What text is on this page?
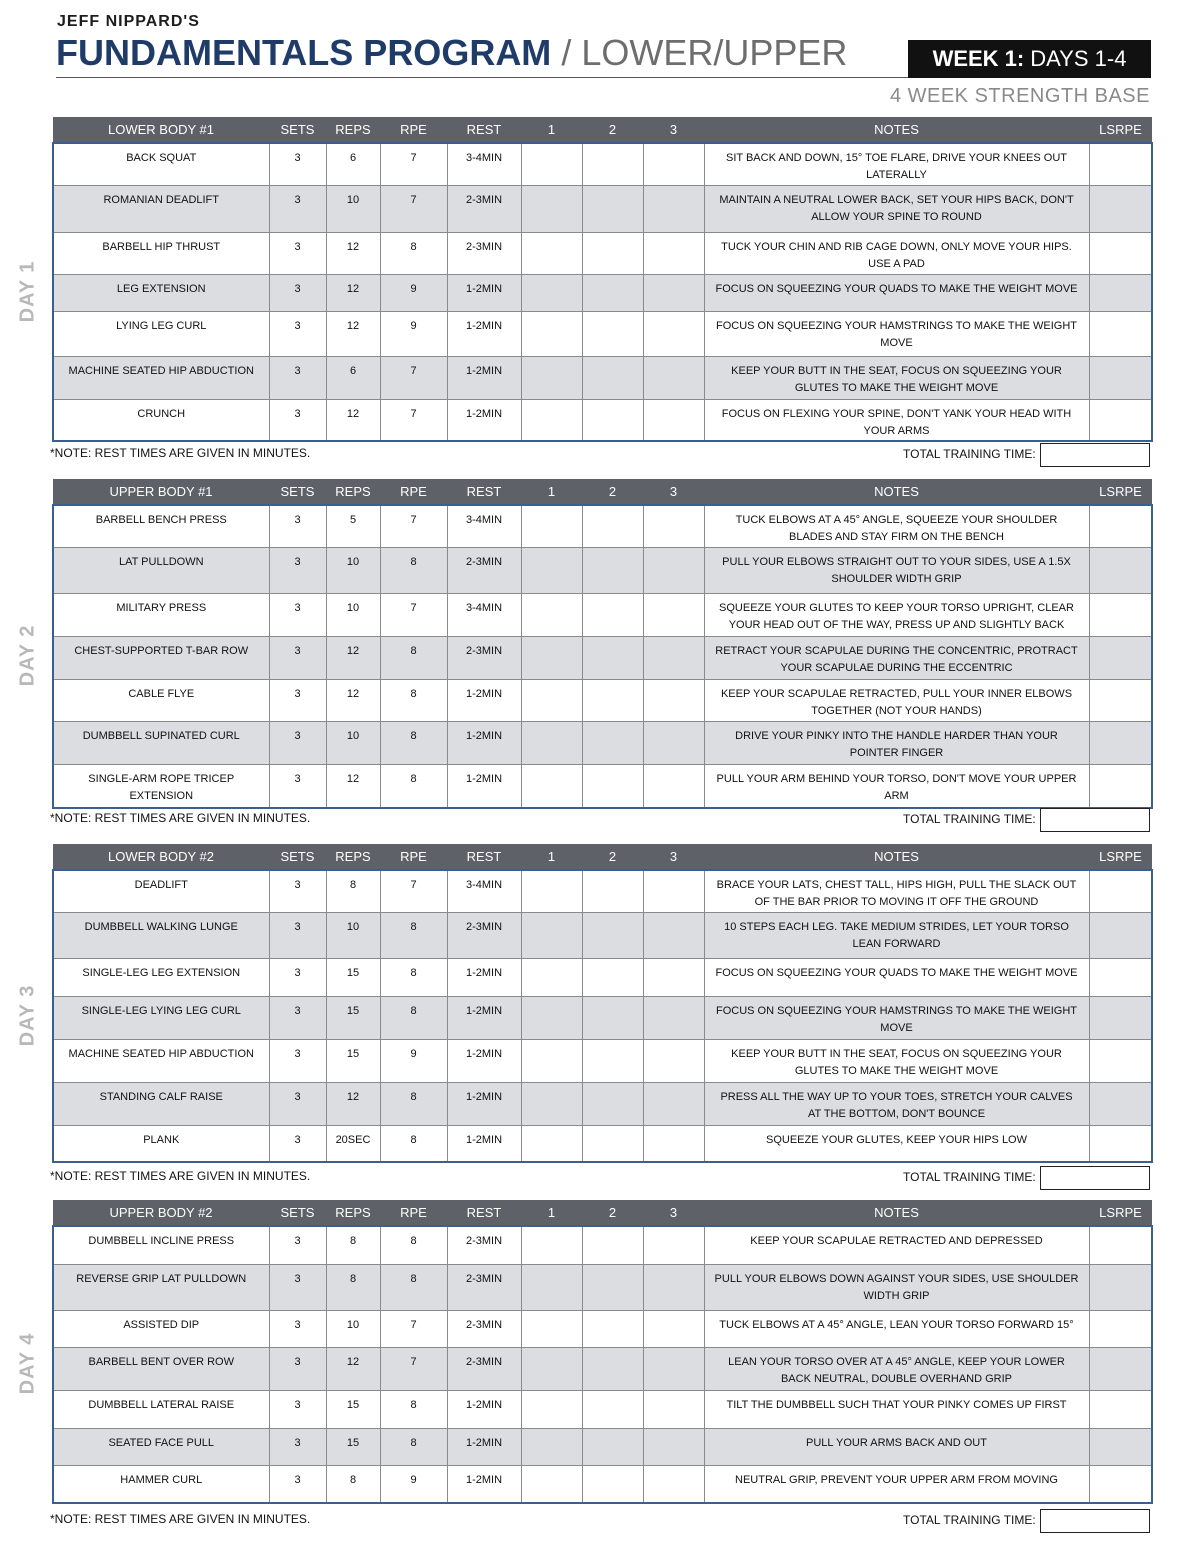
JEFF NIPPARD'S
FUNDAMENTALS PROGRAM / LOWER/UPPER	WEEK 1: DAYS 1-4
4 WEEK STRENGTH BASE
DAY 1
DAY 2
DAY 3
DAY 4
LOWER BODY #1	SETS	REPS	RPE	REST	1	2	3	NOTES	LSRPE
BACK SQUAT	3	6	7	3-4MIN				SIT BACK AND DOWN, 15° TOE FLARE, DRIVE YOUR KNEES OUT LATERALLY	
ROMANIAN DEADLIFT	3	10	7	2-3MIN				MAINTAIN A NEUTRAL LOWER BACK, SET YOUR HIPS BACK, DON'T ALLOW YOUR SPINE TO ROUND	
BARBELL HIP THRUST	3	12	8	2-3MIN				TUCK YOUR CHIN AND RIB CAGE DOWN, ONLY MOVE YOUR HIPS. USE A PAD	
LEG EXTENSION	3	12	9	1-2MIN				FOCUS ON SQUEEZING YOUR QUADS TO MAKE THE WEIGHT MOVE	
LYING LEG CURL	3	12	9	1-2MIN				FOCUS ON SQUEEZING YOUR HAMSTRINGS TO MAKE THE WEIGHT MOVE	
MACHINE SEATED HIP ABDUCTION	3	6	7	1-2MIN				KEEP YOUR BUTT IN THE SEAT, FOCUS ON SQUEEZING YOUR GLUTES TO MAKE THE WEIGHT MOVE	
CRUNCH	3	12	7	1-2MIN				FOCUS ON FLEXING YOUR SPINE, DON'T YANK YOUR HEAD WITH YOUR ARMS	
*NOTE: REST TIMES ARE GIVEN IN MINUTES.	TOTAL TRAINING TIME:
UPPER BODY #1	SETS	REPS	RPE	REST	1	2	3	NOTES	LSRPE
BARBELL BENCH PRESS	3	5	7	3-4MIN				TUCK ELBOWS AT A 45° ANGLE, SQUEEZE YOUR SHOULDER BLADES AND STAY FIRM ON THE BENCH	
LAT PULLDOWN	3	10	8	2-3MIN				PULL YOUR ELBOWS STRAIGHT OUT TO YOUR SIDES, USE A 1.5X SHOULDER WIDTH GRIP	
MILITARY PRESS	3	10	7	3-4MIN				SQUEEZE YOUR GLUTES TO KEEP YOUR TORSO UPRIGHT, CLEAR YOUR HEAD OUT OF THE WAY, PRESS UP AND SLIGHTLY BACK	
CHEST-SUPPORTED T-BAR ROW	3	12	8	2-3MIN				RETRACT YOUR SCAPULAE DURING THE CONCENTRIC, PROTRACT YOUR SCAPULAE DURING THE ECCENTRIC	
CABLE FLYE	3	12	8	1-2MIN				KEEP YOUR SCAPULAE RETRACTED, PULL YOUR INNER ELBOWS TOGETHER (NOT YOUR HANDS)	
DUMBBELL SUPINATED CURL	3	10	8	1-2MIN				DRIVE YOUR PINKY INTO THE HANDLE HARDER THAN YOUR POINTER FINGER	
SINGLE-ARM ROPE TRICEP EXTENSION	3	12	8	1-2MIN				PULL YOUR ARM BEHIND YOUR TORSO, DON'T MOVE YOUR UPPER ARM	
*NOTE: REST TIMES ARE GIVEN IN MINUTES.	TOTAL TRAINING TIME:
LOWER BODY #2	SETS	REPS	RPE	REST	1	2	3	NOTES	LSRPE
DEADLIFT	3	8	7	3-4MIN				BRACE YOUR LATS, CHEST TALL, HIPS HIGH, PULL THE SLACK OUT OF THE BAR PRIOR TO MOVING IT OFF THE GROUND	
DUMBBELL WALKING LUNGE	3	10	8	2-3MIN				10 STEPS EACH LEG. TAKE MEDIUM STRIDES, LET YOUR TORSO LEAN FORWARD	
SINGLE-LEG LEG EXTENSION	3	15	8	1-2MIN				FOCUS ON SQUEEZING YOUR QUADS TO MAKE THE WEIGHT MOVE	
SINGLE-LEG LYING LEG CURL	3	15	8	1-2MIN				FOCUS ON SQUEEZING YOUR HAMSTRINGS TO MAKE THE WEIGHT MOVE	
MACHINE SEATED HIP ABDUCTION	3	15	9	1-2MIN				KEEP YOUR BUTT IN THE SEAT, FOCUS ON SQUEEZING YOUR GLUTES TO MAKE THE WEIGHT MOVE	
STANDING CALF RAISE	3	12	8	1-2MIN				PRESS ALL THE WAY UP TO YOUR TOES, STRETCH YOUR CALVES AT THE BOTTOM, DON'T BOUNCE	
PLANK	3	20SEC	8	1-2MIN				SQUEEZE YOUR GLUTES, KEEP YOUR HIPS LOW	
*NOTE: REST TIMES ARE GIVEN IN MINUTES.	TOTAL TRAINING TIME:
UPPER BODY #2	SETS	REPS	RPE	REST	1	2	3	NOTES	LSRPE
DUMBBELL INCLINE PRESS	3	8	8	2-3MIN				KEEP YOUR SCAPULAE RETRACTED AND DEPRESSED	
REVERSE GRIP LAT PULLDOWN	3	8	8	2-3MIN				PULL YOUR ELBOWS DOWN AGAINST YOUR SIDES, USE SHOULDER WIDTH GRIP	
ASSISTED DIP	3	10	7	2-3MIN				TUCK ELBOWS AT A 45° ANGLE, LEAN YOUR TORSO FORWARD 15°	
BARBELL BENT OVER ROW	3	12	7	2-3MIN				LEAN YOUR TORSO OVER AT A 45° ANGLE, KEEP YOUR LOWER BACK NEUTRAL, DOUBLE OVERHAND GRIP	
DUMBBELL LATERAL RAISE	3	15	8	1-2MIN				TILT THE DUMBBELL SUCH THAT YOUR PINKY COMES UP FIRST	
SEATED FACE PULL	3	15	8	1-2MIN				PULL YOUR ARMS BACK AND OUT	
HAMMER CURL	3	8	9	1-2MIN				NEUTRAL GRIP, PREVENT YOUR UPPER ARM FROM MOVING	
*NOTE: REST TIMES ARE GIVEN IN MINUTES.	TOTAL TRAINING TIME:
